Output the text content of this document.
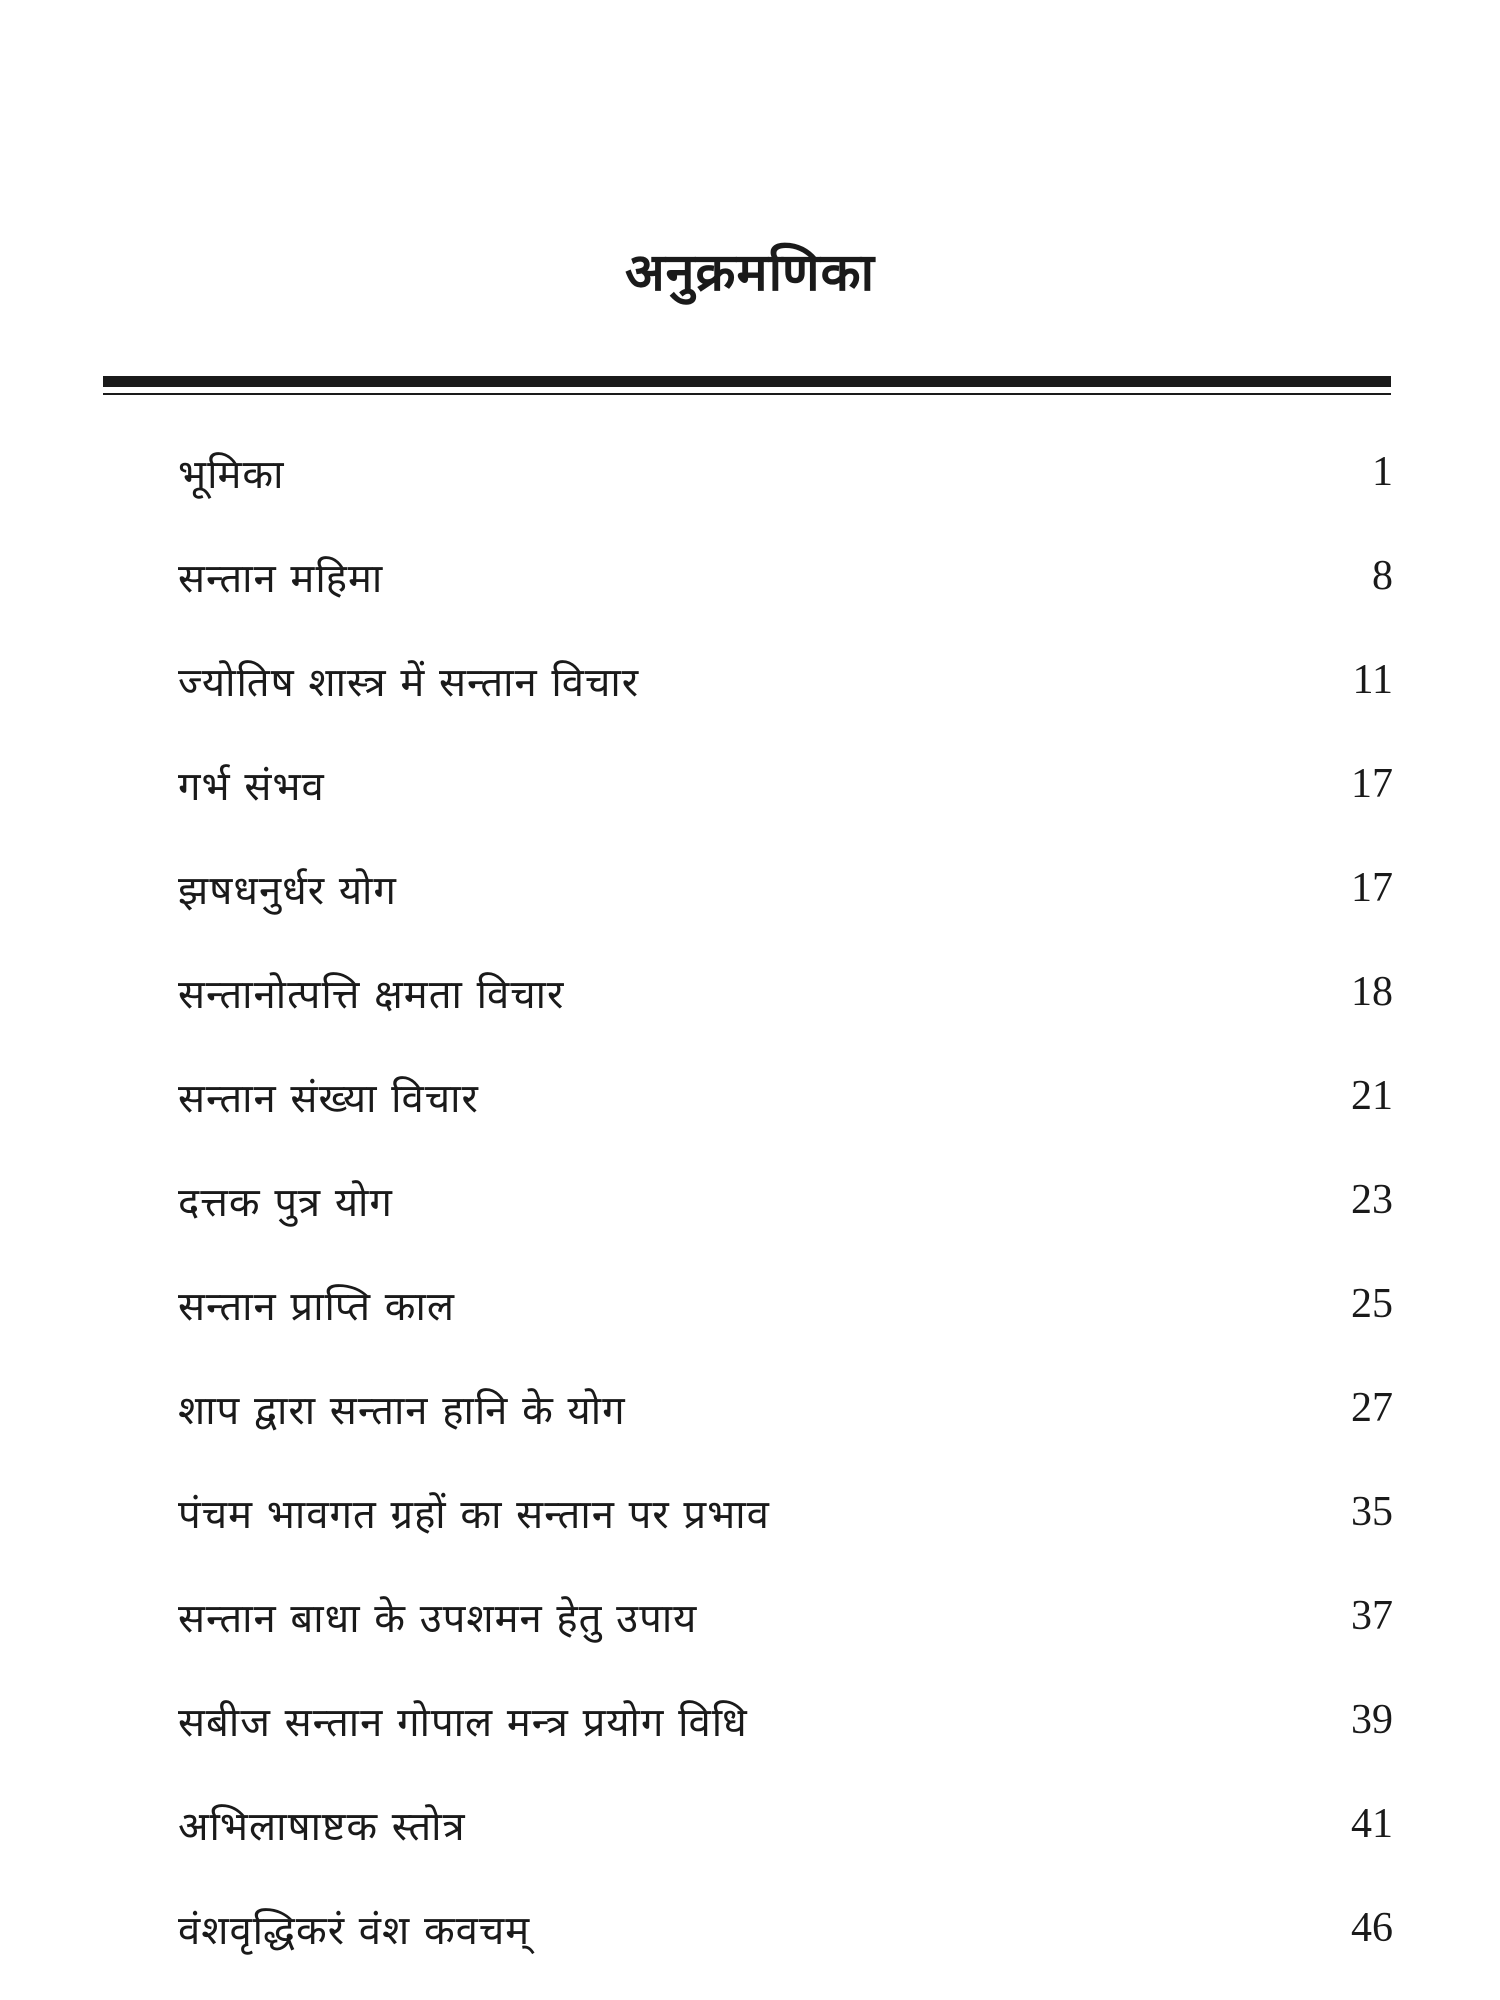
अनुक्रमणिका
भूमिका	1
सन्तान महिमा	8
ज्योतिष शास्त्र में सन्तान विचार	11
गर्भ संभव	17
झषधनुर्धर योग	17
सन्तानोत्पत्ति क्षमता विचार	18
सन्तान संख्या विचार	21
दत्तक पुत्र योग	23
सन्तान प्राप्ति काल	25
शाप द्वारा सन्तान हानि के योग	27
पंचम भावगत ग्रहों का सन्तान पर प्रभाव	35
सन्तान बाधा के उपशमन हेतु उपाय	37
सबीज सन्तान गोपाल मन्त्र प्रयोग विधि	39
अभिलाषाष्टक स्तोत्र	41
वंशवृद्धिकरं वंश कवचम्	46
